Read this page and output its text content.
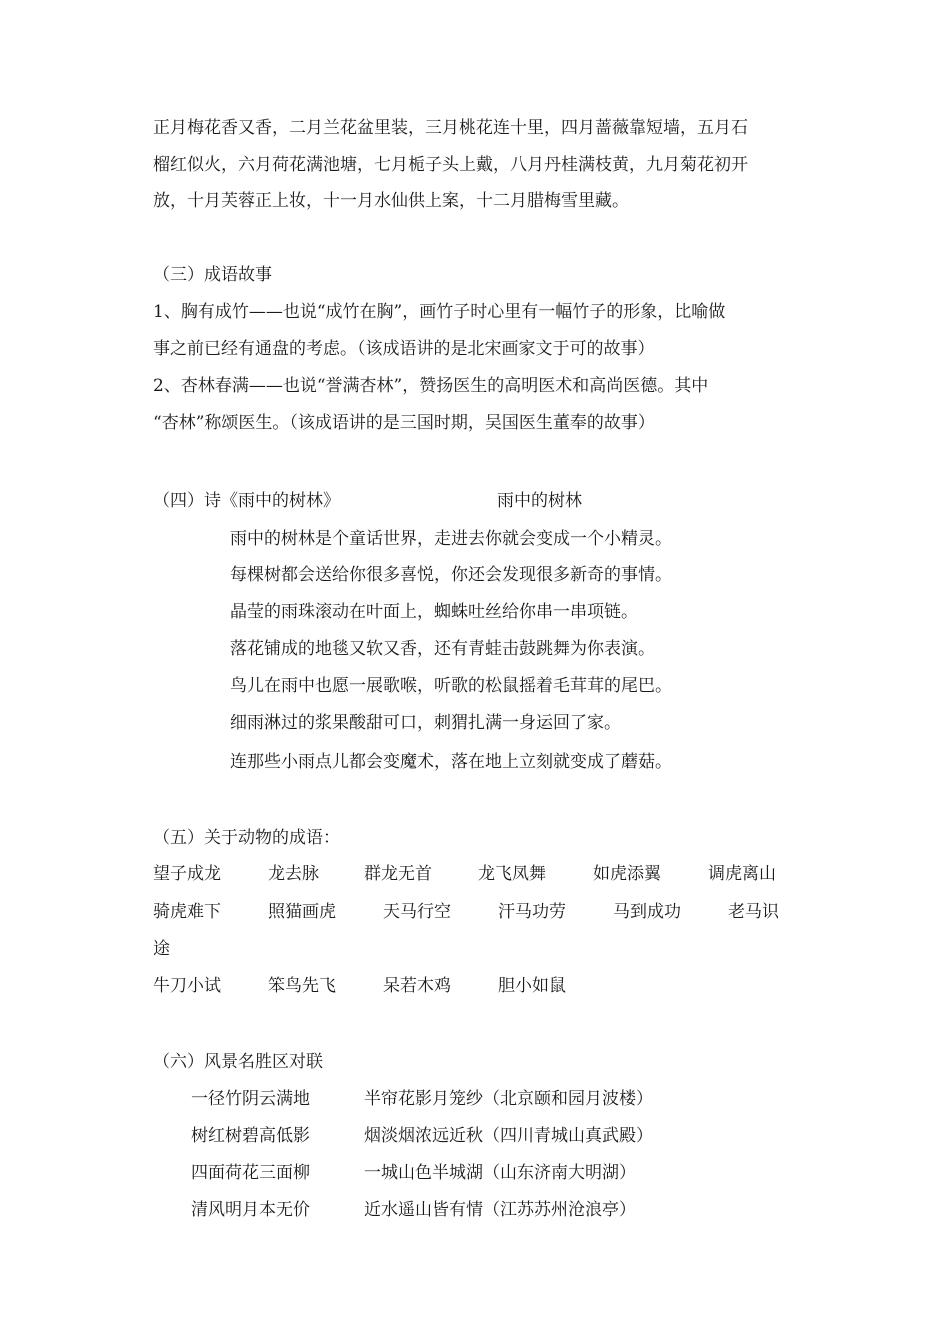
正月梅花香又香，二月兰花盆里装，三月桃花连十里，四月蔷薇靠短墙，五月石
榴红似火，六月荷花满池塘，七月栀子头上戴，八月丹桂满枝黄，九月菊花初开
放，十月芙蓉正上妆，十一月水仙供上案，十二月腊梅雪里藏。
（三）成语故事
1、胸有成竹——也说“成竹在胸”，画竹子时心里有一幅竹子的形象，比喻做
事之前已经有通盘的考虑。（该成语讲的是北宋画家文于可的故事）
2、杏林春满——也说“誉满杏林”，赞扬医生的高明医术和高尚医德。其中
“杏林”称颂医生。（该成语讲的是三国时期，吴国医生董奉的故事）
（四）诗《雨中的树林》	雨中的树林
雨中的树林是个童话世界，走进去你就会变成一个小精灵。
每棵树都会送给你很多喜悦，你还会发现很多新奇的事情。
晶莹的雨珠滚动在叶面上，蜘蛛吐丝给你串一串项链。
落花铺成的地毯又软又香，还有青蛙击鼓跳舞为你表演。
鸟儿在雨中也愿一展歌喉，听歌的松鼠摇着毛茸茸的尾巴。
细雨淋过的浆果酸甜可口，刺猬扎满一身运回了家。
连那些小雨点儿都会变魔术，落在地上立刻就变成了蘑菇。
（五）关于动物的成语：
望子成龙	龙去脉	群龙无首	龙飞凤舞	如虎添翼	调虎离山
骑虎难下	照猫画虎	天马行空	汗马功劳	马到成功	老马识
途
牛刀小试	笨鸟先飞	呆若木鸡	胆小如鼠
（六）风景名胜区对联
一径竹阴云满地	半帘花影月笼纱（北京颐和园月波楼）
树红树碧高低影	烟淡烟浓远近秋（四川青城山真武殿）
四面荷花三面柳	一城山色半城湖（山东济南大明湖）
清风明月本无价	近水遥山皆有情（江苏苏州沧浪亭）
